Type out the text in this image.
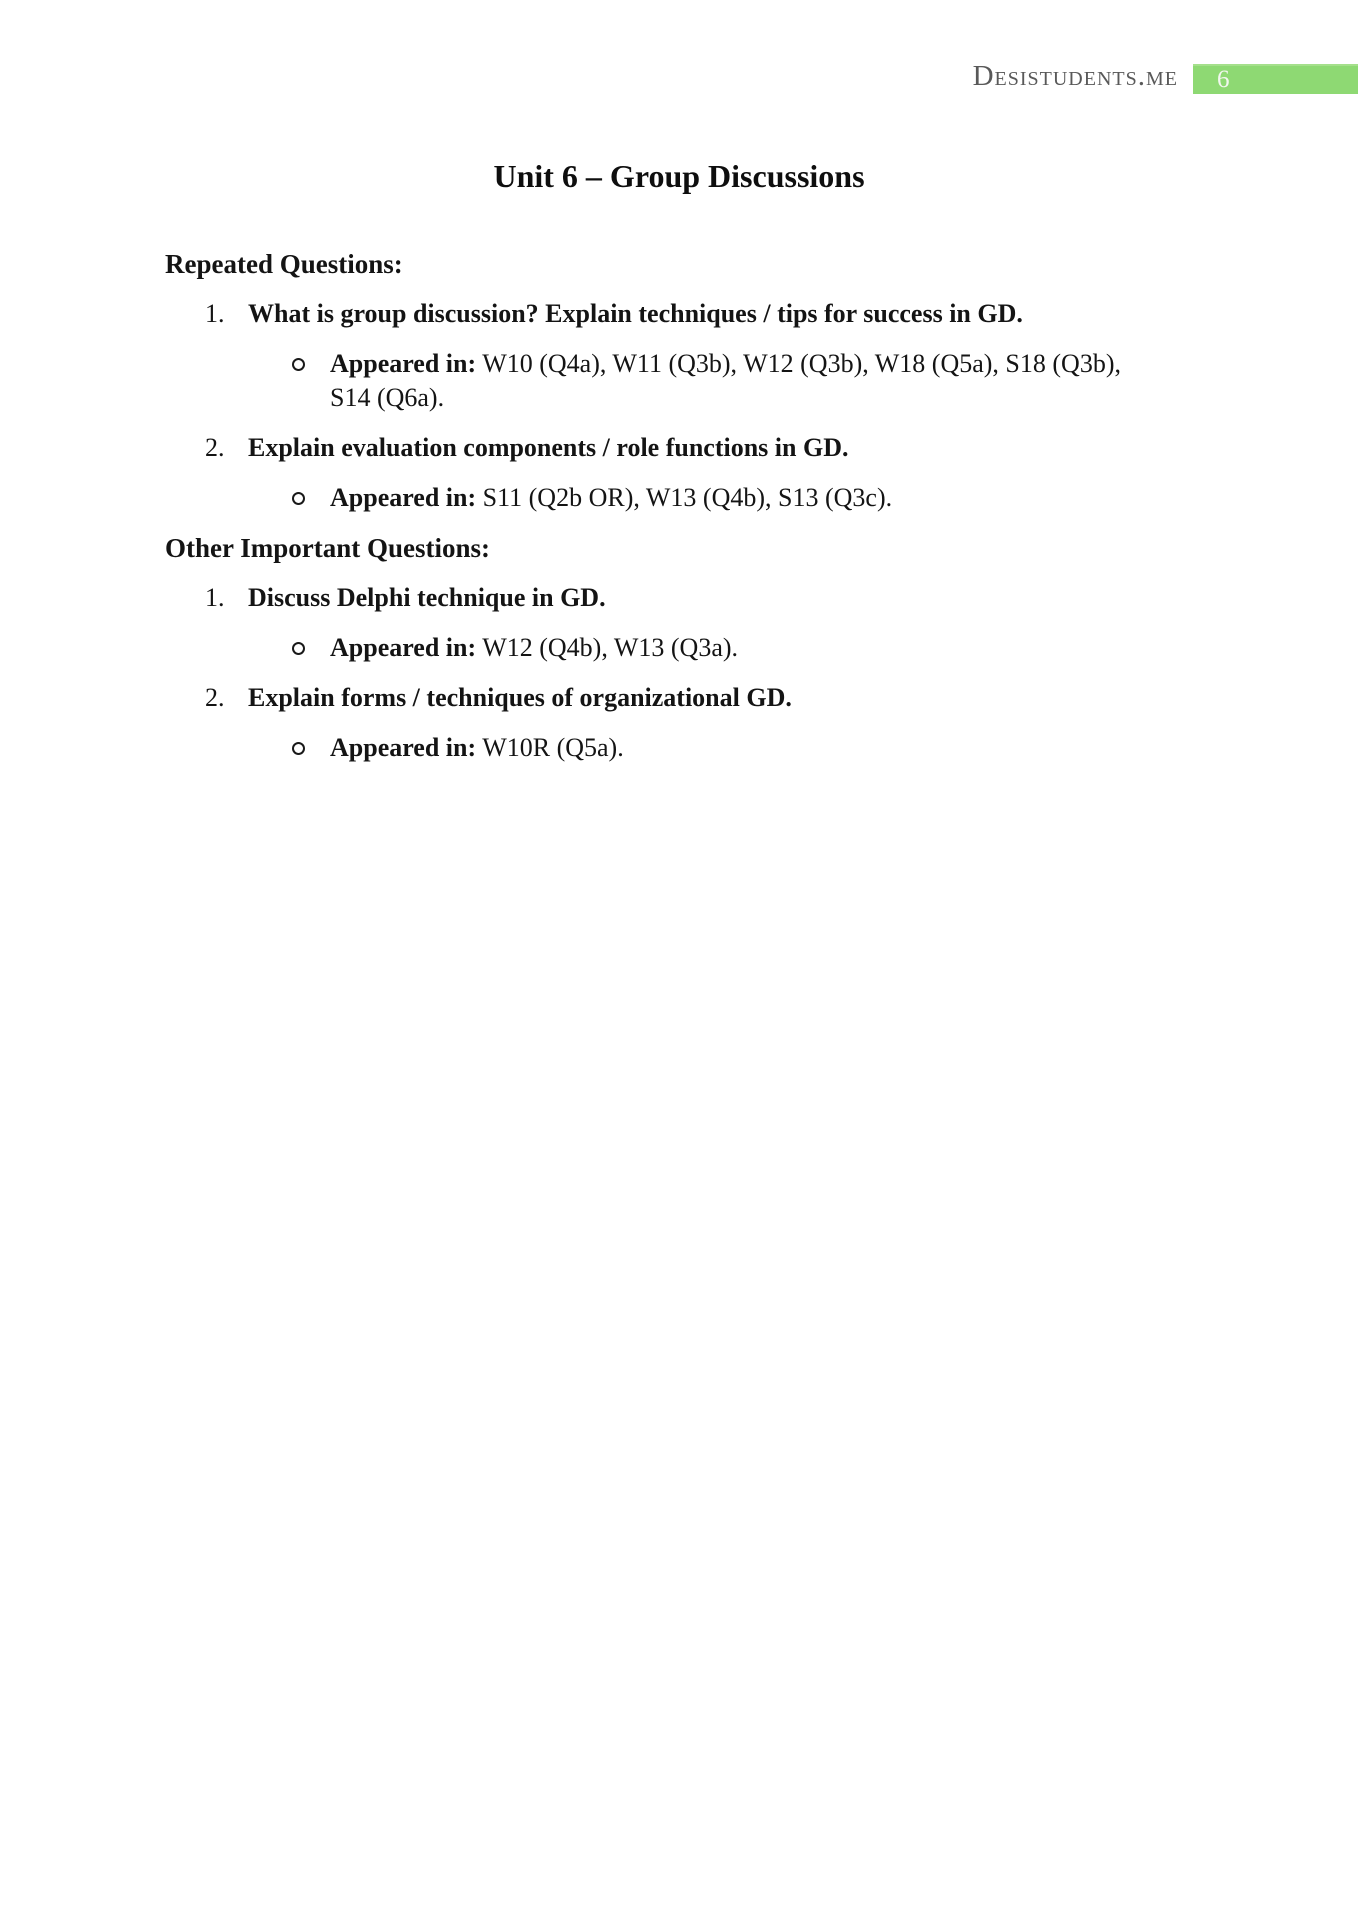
Desistudents.me	6
Unit 6 – Group Discussions
Repeated Questions:
1. What is group discussion? Explain techniques / tips for success in GD.
Appeared in: W10 (Q4a), W11 (Q3b), W12 (Q3b), W18 (Q5a), S18 (Q3b), S14 (Q6a).
2. Explain evaluation components / role functions in GD.
Appeared in: S11 (Q2b OR), W13 (Q4b), S13 (Q3c).
Other Important Questions:
1. Discuss Delphi technique in GD.
Appeared in: W12 (Q4b), W13 (Q3a).
2. Explain forms / techniques of organizational GD.
Appeared in: W10R (Q5a).
